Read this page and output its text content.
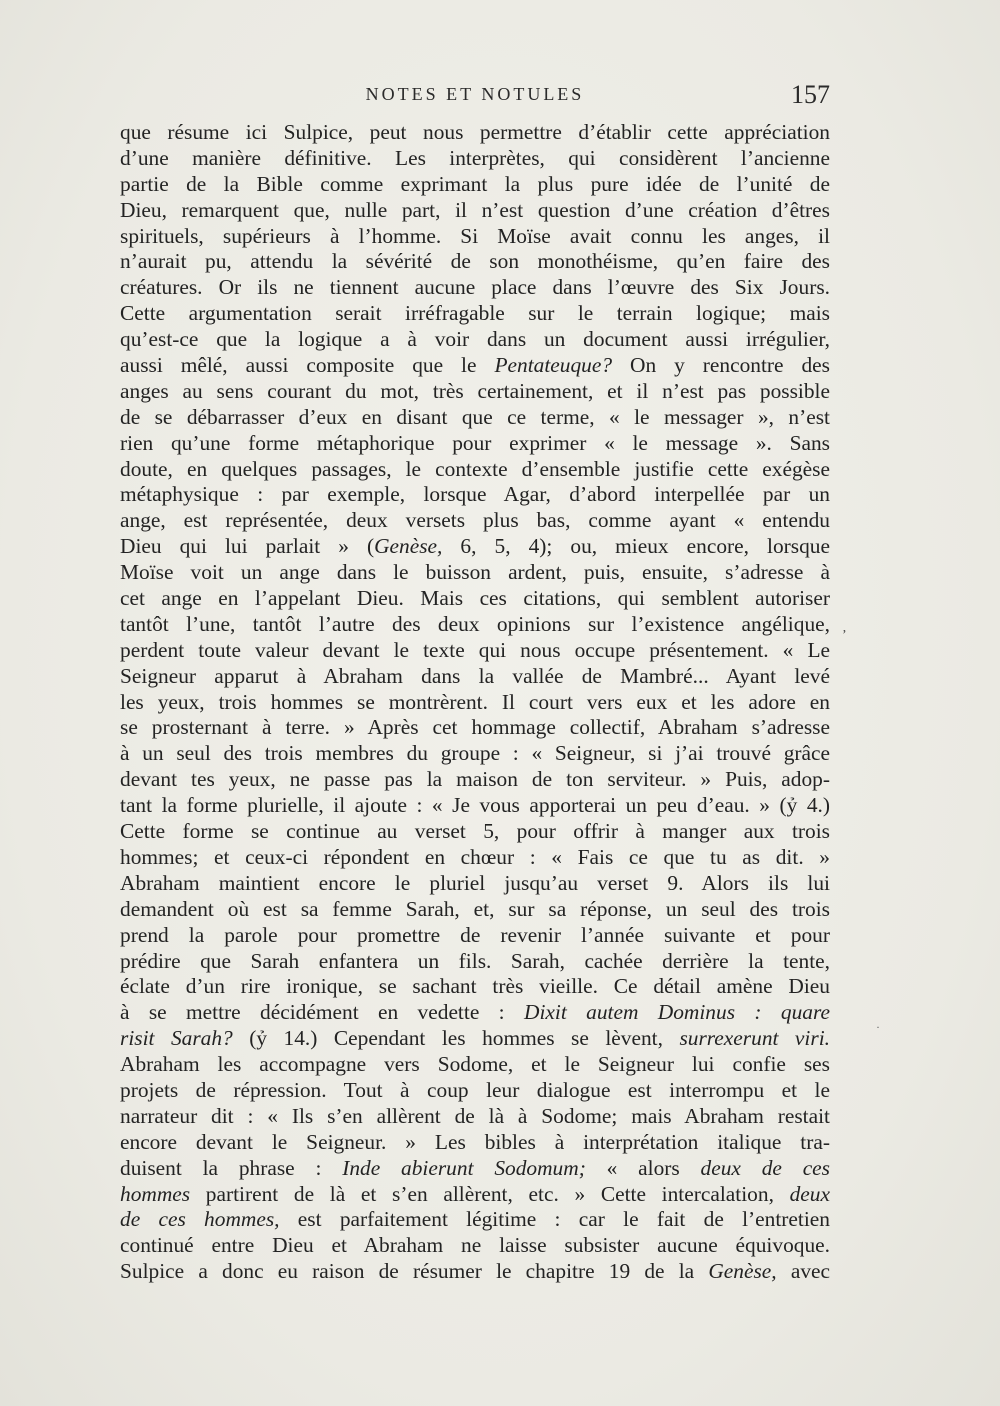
NOTES ET NOTULES	157
que résume ici Sulpice, peut nous permettre d’établir cette appréciation
d’une manière définitive. Les interprètes, qui considèrent l’ancienne
partie de la Bible comme exprimant la plus pure idée de l’unité de
Dieu, remarquent que, nulle part, il n’est question d’une création d’êtres
spirituels, supérieurs à l’homme. Si Moïse avait connu les anges, il
n’aurait pu, attendu la sévérité de son monothéisme, qu’en faire des
créatures. Or ils ne tiennent aucune place dans l’œuvre des Six Jours.
Cette argumentation serait irréfragable sur le terrain logique; mais
qu’est-ce que la logique a à voir dans un document aussi irrégulier,
aussi mêlé, aussi composite que le Pentateuque? On y rencontre des
anges au sens courant du mot, très certainement, et il n’est pas possible
de se débarrasser d’eux en disant que ce terme, « le messager », n’est
rien qu’une forme métaphorique pour exprimer « le message ». Sans
doute, en quelques passages, le contexte d’ensemble justifie cette exégèse
métaphysique : par exemple, lorsque Agar, d’abord interpellée par un
ange, est représentée, deux versets plus bas, comme ayant « entendu
Dieu qui lui parlait » (Genèse, 6, 5, 4); ou, mieux encore, lorsque
Moïse voit un ange dans le buisson ardent, puis, ensuite, s’adresse à
cet ange en l’appelant Dieu. Mais ces citations, qui semblent autoriser
tantôt l’une, tantôt l’autre des deux opinions sur l’existence angélique,
perdent toute valeur devant le texte qui nous occupe présentement. « Le
Seigneur apparut à Abraham dans la vallée de Mambré... Ayant levé
les yeux, trois hommes se montrèrent. Il court vers eux et les adore en
se prosternant à terre. » Après cet hommage collectif, Abraham s’adresse
à un seul des trois membres du groupe : « Seigneur, si j’ai trouvé grâce
devant tes yeux, ne passe pas la maison de ton serviteur. » Puis, adop-
tant la forme plurielle, il ajoute : « Je vous apporterai un peu d’eau. » (ỷ 4.)
Cette forme se continue au verset 5, pour offrir à manger aux trois
hommes; et ceux-ci répondent en chœur : « Fais ce que tu as dit. »
Abraham maintient encore le pluriel jusqu’au verset 9. Alors ils lui
demandent où est sa femme Sarah, et, sur sa réponse, un seul des trois
prend la parole pour promettre de revenir l’année suivante et pour
prédire que Sarah enfantera un fils. Sarah, cachée derrière la tente,
éclate d’un rire ironique, se sachant très vieille. Ce détail amène Dieu
à se mettre décidément en vedette : Dixit autem Dominus : quare
risit Sarah? (ỷ 14.) Cependant les hommes se lèvent, surrexerunt viri.
Abraham les accompagne vers Sodome, et le Seigneur lui confie ses
projets de répression. Tout à coup leur dialogue est interrompu et le
narrateur dit : « Ils s’en allèrent de là à Sodome; mais Abraham restait
encore devant le Seigneur. » Les bibles à interprétation italique tra-
duisent la phrase : Inde abierunt Sodomum; « alors deux de ces
hommes partirent de là et s’en allèrent, etc. » Cette intercalation, deux
de ces hommes, est parfaitement légitime : car le fait de l’entretien
continué entre Dieu et Abraham ne laisse subsister aucune équivoque.
Sulpice a donc eu raison de résumer le chapitre 19 de la Genèse, avec
ʼ
·
